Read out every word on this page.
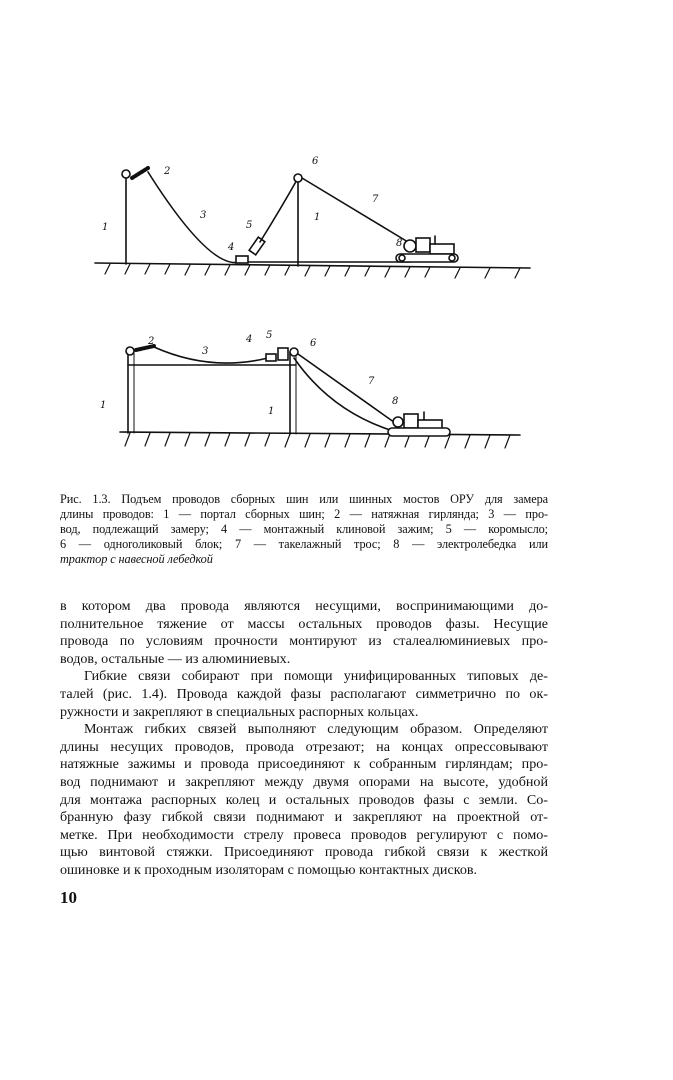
1
2
3
4
5
6
1
7
8
1
2
3
4 5
6
1
7
8
Рис. 1.3. Подъем проводов сборных шин или шинных мостов ОРУ для замера
длины проводов: 1 — портал сборных шин; 2 — натяжная гирлянда; 3 — про-
вод, подлежащий замеру; 4 — монтажный клиновой зажим; 5 — коромысло;
6 — одноroликовый блок; 7 — такелажный трос; 8 — электролебедка или
трактор с навесной лебедкой
в котором два провода являются несущими, воспринимающими до-
полнительное тяжение от массы остальных проводов фазы. Несущие
провода по условиям прочности монтируют из сталеалюминиевых про-
водов, остальные — из алюминиевых.
Гибкие связи собирают при помощи унифицированных типовых де-
талей (рис. 1.4). Провода каждой фазы располагают симметрично по ок-
ружности и закрепляют в специальных распорных кольцах.
Монтаж гибких связей выполняют следующим образом. Определяют
длины несущих проводов, провода отрезают; на концах опрессовывают
натяжные зажимы и провода присоединяют к собранным гирляндам; про-
вод поднимают и закрепляют между двумя опорами на высоте, удобной
для монтажа распорных колец и остальных проводов фазы с земли. Со-
бранную фазу гибкой связи поднимают и закрепляют на проектной от-
метке. При необходимости стрелу провеса проводов регулируют с помо-
щью винтовой стяжки. Присоединяют провода гибкой связи к жесткой
ошиновке и к проходным изоляторам с помощью контактных дисков.
10
